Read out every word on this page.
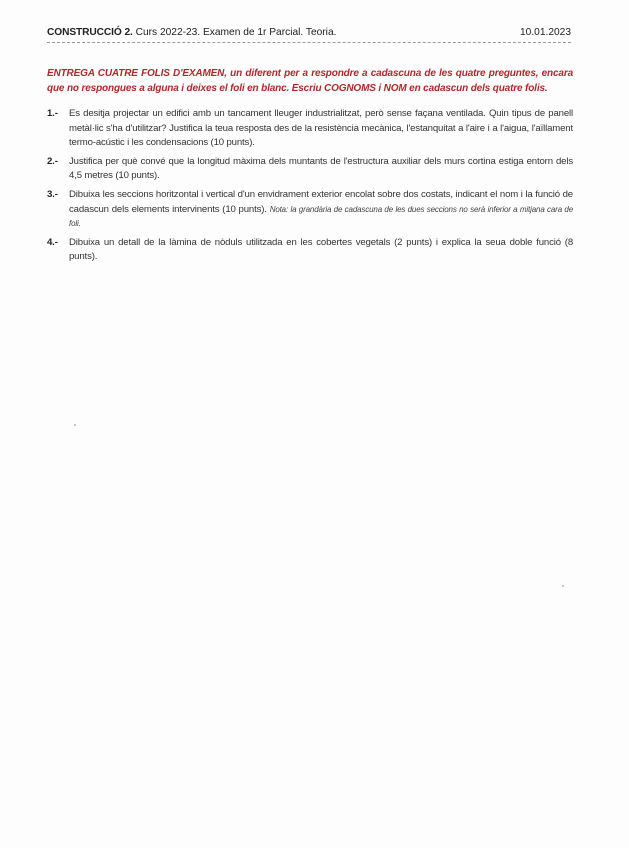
CONSTRUCCIÓ 2. Curs 2022-23. Examen de 1r Parcial. Teoria.	10.01.2023
ENTREGA CUATRE FOLIS D'EXAMEN, un diferent per a respondre a cadascuna de les quatre preguntes, encara que no respongues a alguna i deixes el foli en blanc. Escriu COGNOMS i NOM en cadascun dels quatre folis.
1.- Es desitja projectar un edifici amb un tancament lleuger industrialitzat, però sense façana ventilada. Quin tipus de panell metàl·lic s'ha d'utilitzar? Justifica la teua resposta des de la resistència mecànica, l'estanquitat a l'aire i a l'aigua, l'aïllament termo-acústic i les condensacions (10 punts).
2.- Justifica per què convé que la longitud màxima dels muntants de l'estructura auxiliar dels murs cortina estiga entorn dels 4,5 metres (10 punts).
3.- Dibuixa les seccions horitzontal i vertical d'un envidrament exterior encolat sobre dos costats, indicant el nom i la funció de cadascun dels elements intervinents (10 punts). Nota: la grandària de cadascuna de les dues seccions no serà inferior a mitjana cara de foli.
4.- Dibuixa un detall de la làmina de nòduls utilitzada en les cobertes vegetals (2 punts) i explica la seua doble funció (8 punts).
